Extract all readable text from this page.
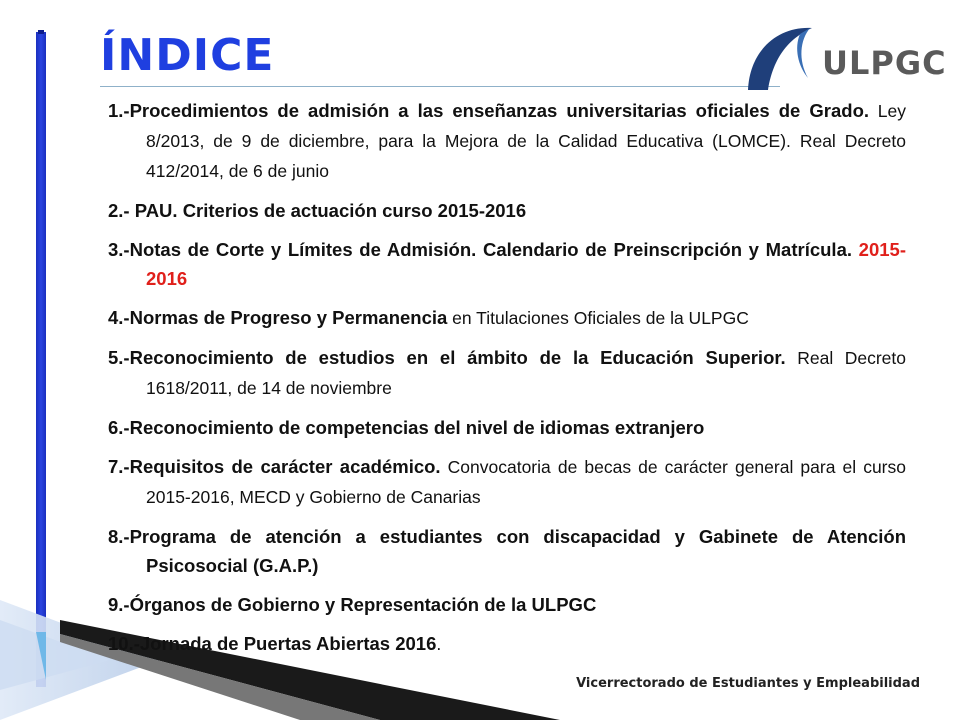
ÍNDICE	ULPGC
1.-Procedimientos de admisión a las enseñanzas universitarias oficiales de Grado. Ley 8/2013, de 9 de diciembre, para la Mejora de la Calidad Educativa (LOMCE). Real Decreto 412/2014, de 6 de junio
2.- PAU. Criterios de actuación curso 2015-2016
3.-Notas de Corte y Límites de Admisión. Calendario de Preinscripción y Matrícula. 2015-2016
4.-Normas de Progreso y Permanencia en Titulaciones Oficiales de la ULPGC
5.-Reconocimiento de estudios en el ámbito de la Educación Superior. Real Decreto 1618/2011, de 14 de noviembre
6.-Reconocimiento de competencias del nivel de idiomas extranjero
7.-Requisitos de carácter académico. Convocatoria de becas de carácter general para el curso 2015-2016, MECD y Gobierno de Canarias
8.-Programa de atención a estudiantes con discapacidad y Gabinete de Atención Psicosocial (G.A.P.)
9.-Órganos de Gobierno y Representación de la ULPGC
10.-Jornada de Puertas Abiertas 2016.
Vicerrectorado de Estudiantes y Empleabilidad
